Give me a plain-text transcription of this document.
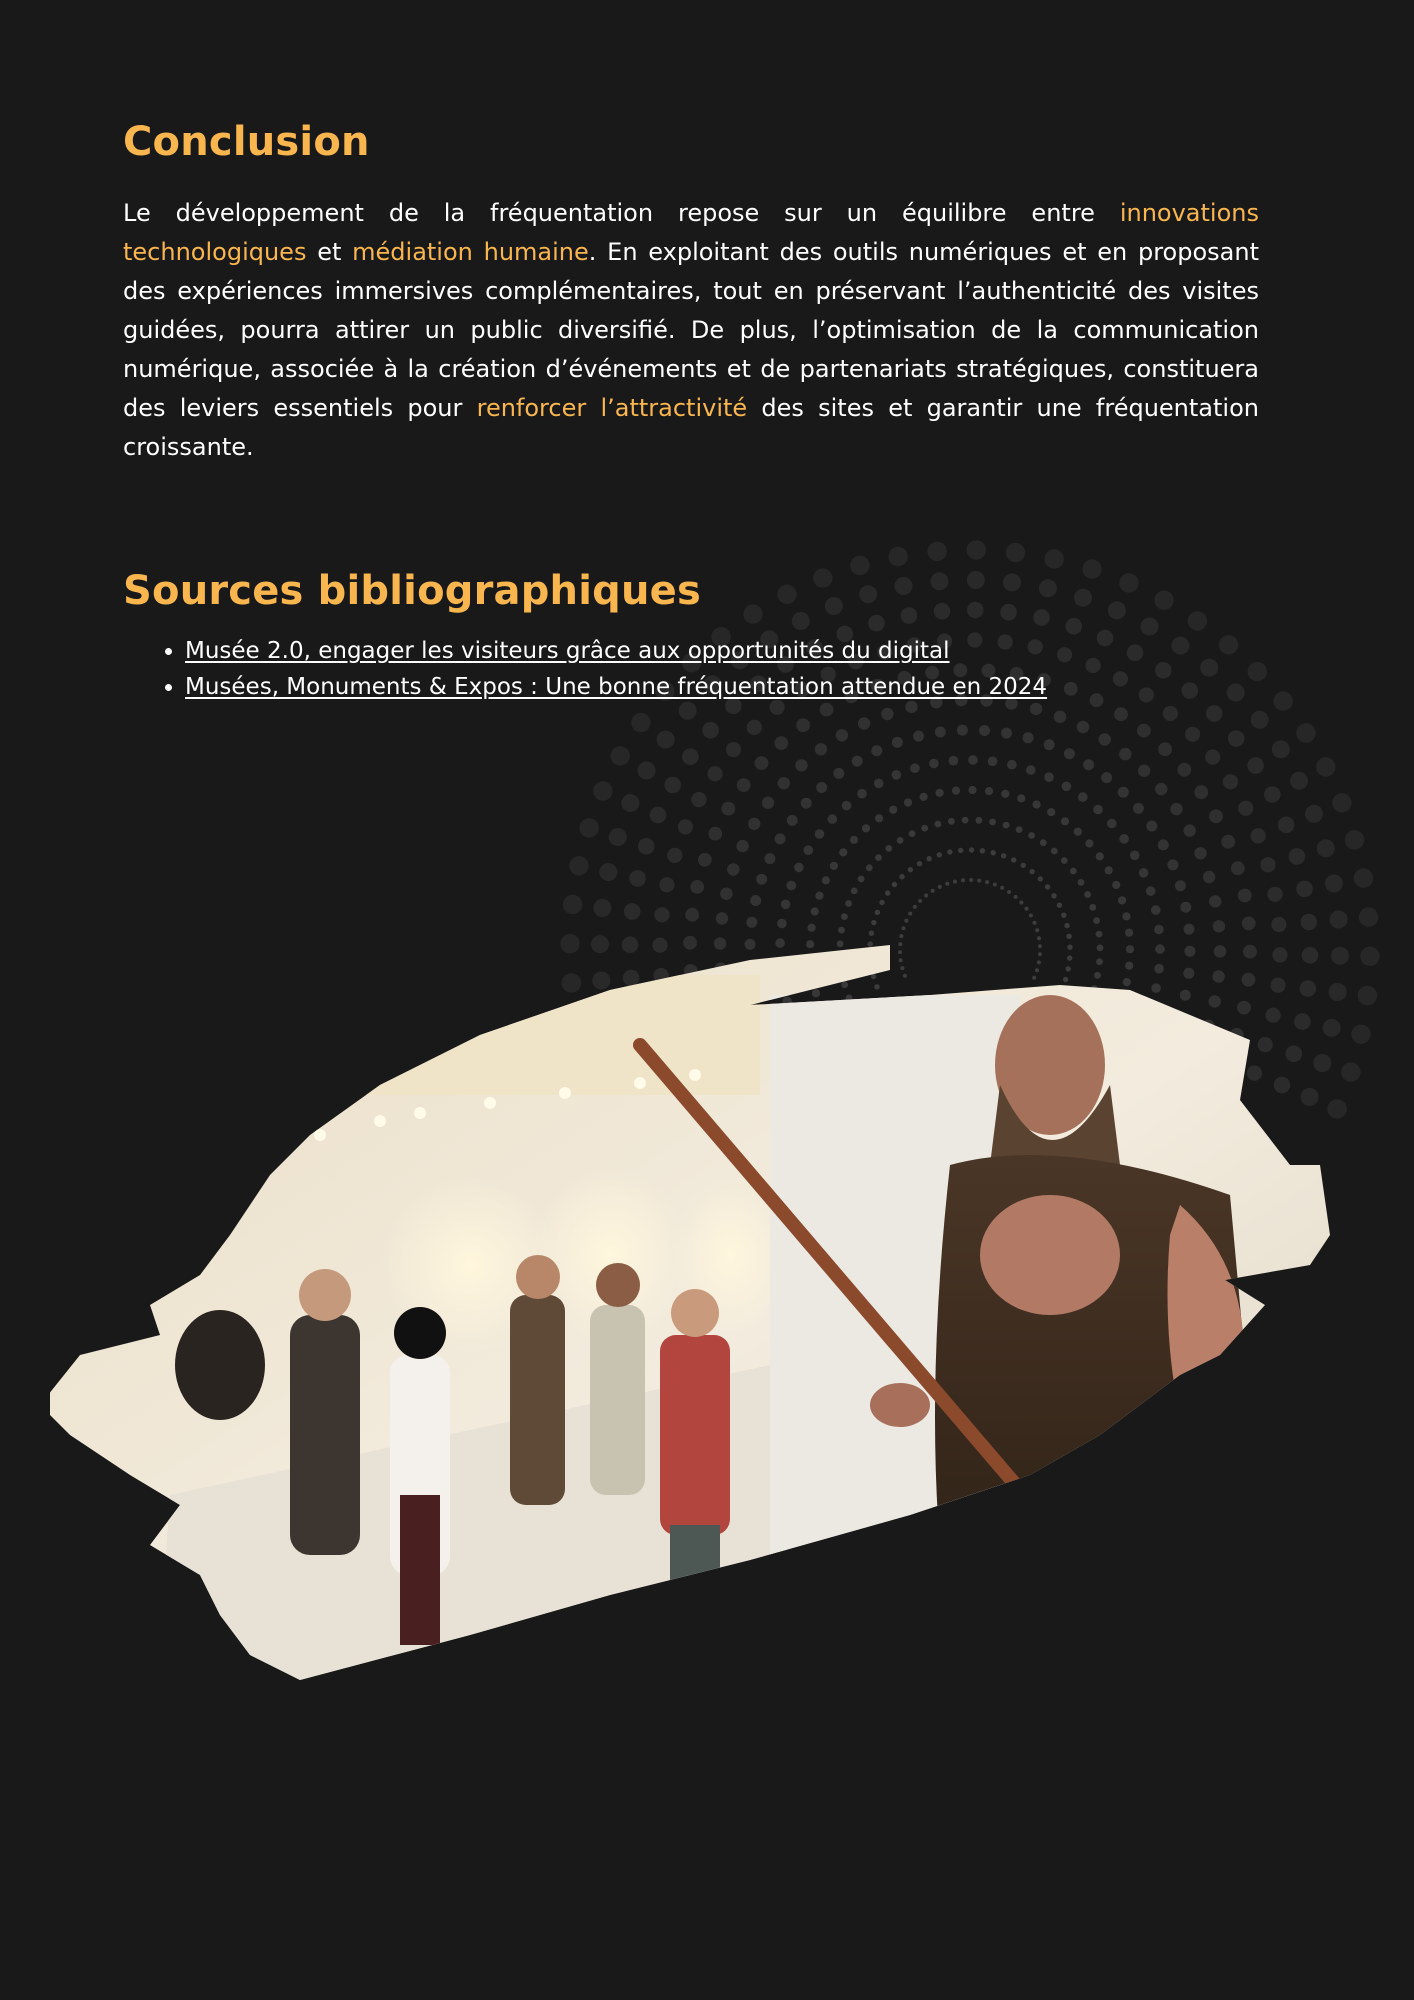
Conclusion

Le développement de la fréquentation repose sur un équilibre entre innovations technologiques et médiation humaine. En exploitant des outils numériques et en proposant des expériences immersives complémentaires, tout en préservant l’authenticité des visites guidées, pourra attirer un public diversifié. De plus, l’optimisation de la communication numérique, associée à la création d’événements et de partenariats stratégiques, constituera des leviers essentiels pour renforcer l’attractivité des sites et garantir une fréquentation croissante.

Sources bibliographiques
• Musée 2.0, engager les visiteurs grâce aux opportunités du digital
• Musées, Monuments & Expos : Une bonne fréquentation attendue en 2024
